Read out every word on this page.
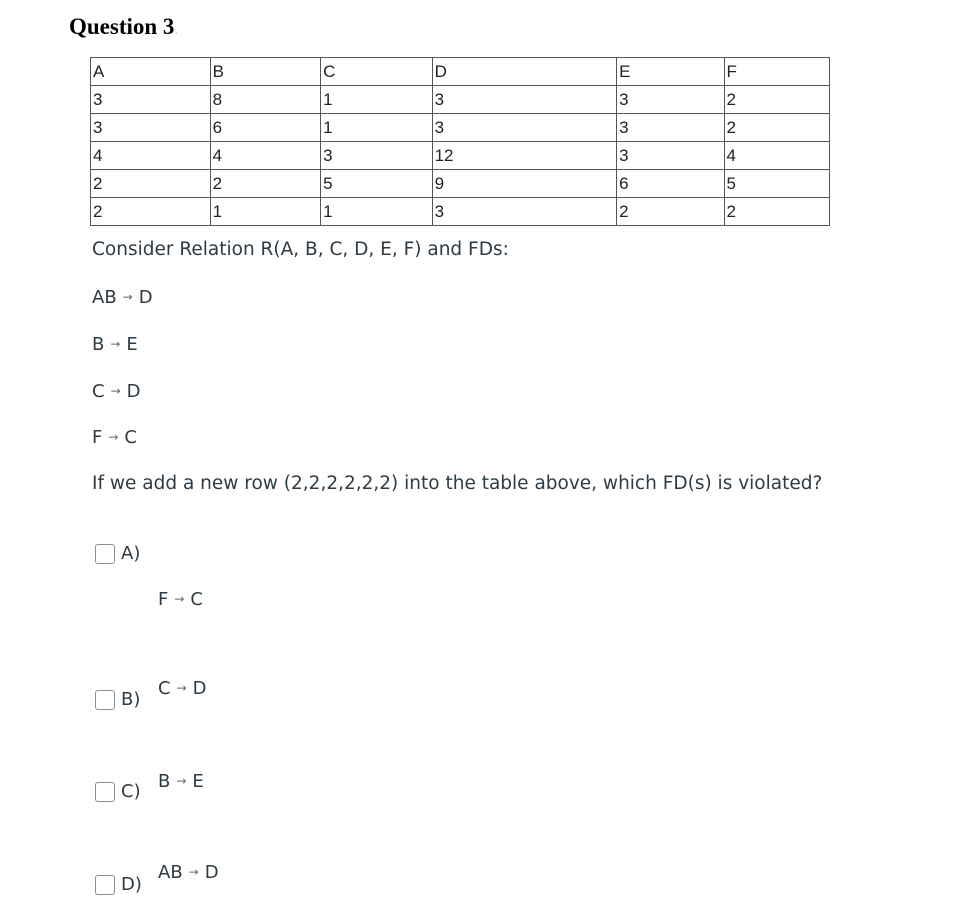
Question 3.
A	B	C	D	E	F
3	8	1	3	3	2
3	6	1	3	3	2
4	4	3	12	3	4
2	2	5	9	6	5
2	1	1	3	2	2

Consider Relation R(A, B, C, D, E, F) and FDs:

AB → D
B → E
C → D
F → C

If we add a new row (2,2,2,2,2,2) into the table above, which FD(s) is violated?

A)
F → C
B)
C → D
C) B → E
D)
AB → D
